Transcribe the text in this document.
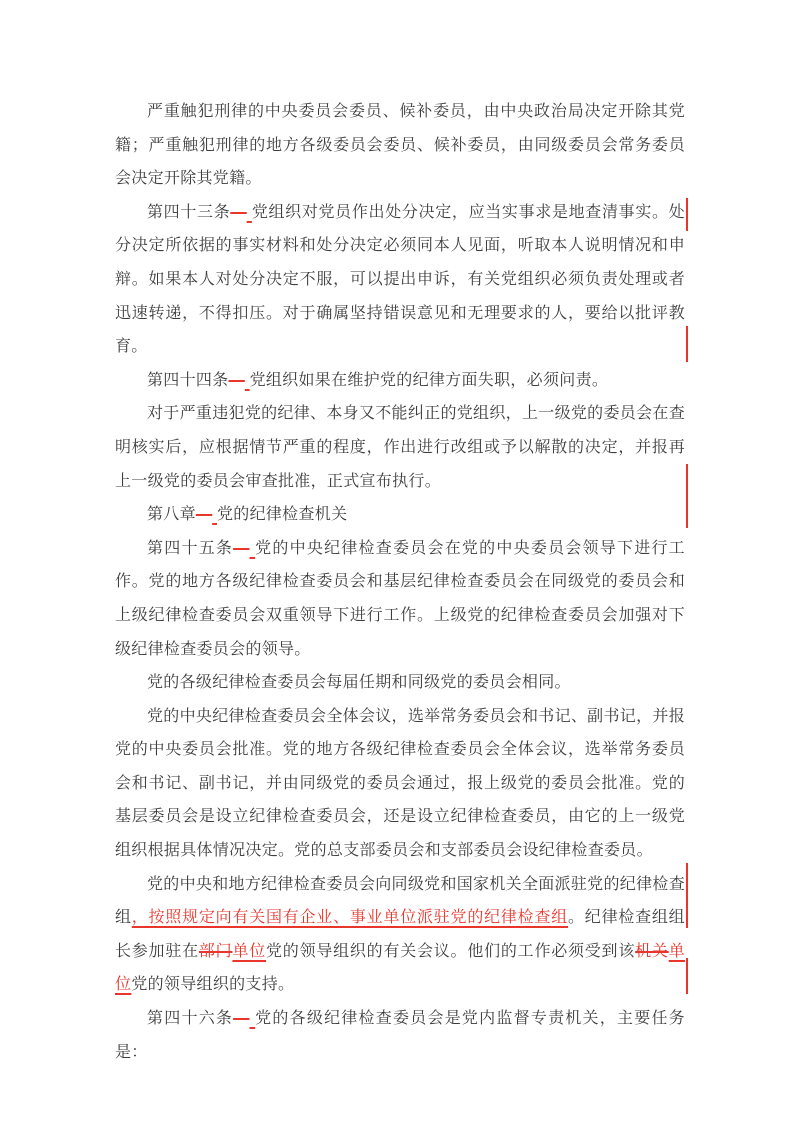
严重触犯刑律的中央委员会委员、候补委员，由中央政治局决定开除其党籍；严重触犯刑律的地方各级委员会委员、候补委员，由同级委员会常务委员会决定开除其党籍。

第四十三条— 党组织对党员作出处分决定，应当实事求是地查清事实。处分决定所依据的事实材料和处分决定必须同本人见面，听取本人说明情况和申辩。如果本人对处分决定不服，可以提出申诉，有关党组织必须负责处理或者迅速转递，不得扣压。对于确属坚持错误意见和无理要求的人，要给以批评教育。

第四十四条— 党组织如果在维护党的纪律方面失职，必须问责。

对于严重违犯党的纪律、本身又不能纠正的党组织，上一级党的委员会在查明核实后，应根据情节严重的程度，作出进行改组或予以解散的决定，并报再上一级党的委员会审查批准，正式宣布执行。

第八章— 党的纪律检查机关

第四十五条— 党的中央纪律检查委员会在党的中央委员会领导下进行工作。党的地方各级纪律检查委员会和基层纪律检查委员会在同级党的委员会和上级纪律检查委员会双重领导下进行工作。上级党的纪律检查委员会加强对下级纪律检查委员会的领导。

党的各级纪律检查委员会每届任期和同级党的委员会相同。

党的中央纪律检查委员会全体会议，选举常务委员会和书记、副书记，并报党的中央委员会批准。党的地方各级纪律检查委员会全体会议，选举常务委员会和书记、副书记，并由同级党的委员会通过，报上级党的委员会批准。党的基层委员会是设立纪律检查委员会，还是设立纪律检查委员，由它的上一级党组织根据具体情况决定。党的总支部委员会和支部委员会设纪律检查委员。

党的中央和地方纪律检查委员会向同级党和国家机关全面派驻党的纪律检查组，按照规定向有关国有企业、事业单位派驻党的纪律检查组。纪律检查组组长参加驻在部门单位党的领导组织的有关会议。他们的工作必须受到该机关单位党的领导组织的支持。

第四十六条— 党的各级纪律检查委员会是党内监督专责机关，主要任务是：
